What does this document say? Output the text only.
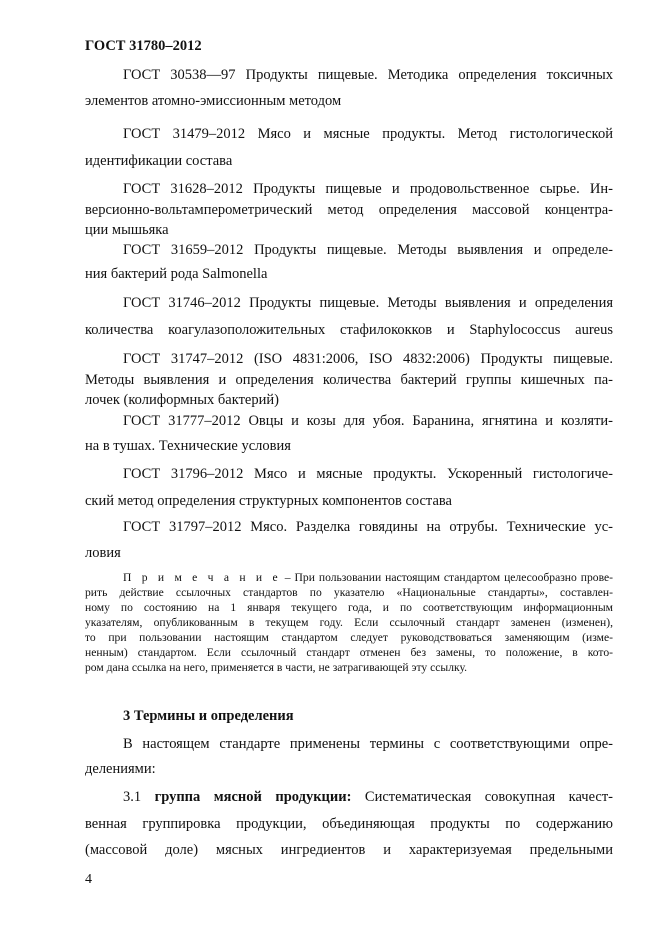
ГОСТ 31780–2012
ГОСТ 30538—97 Продукты пищевые. Методика определения токсичных
элементов атомно-эмиссионным методом
ГОСТ 31479–2012 Мясо и мясные продукты. Метод гистологической
идентификации состава
ГОСТ 31628–2012 Продукты пищевые и продовольственное сырье. Ин-
версионно-вольтамперометрический метод определения массовой концентра-
ции мышьяка
ГОСТ 31659–2012 Продукты пищевые. Методы выявления и определе-
ния бактерий рода Salmonella
ГОСТ 31746–2012 Продукты пищевые. Методы выявления и определения
количества коагулазоположительных стафилококков и Staphylococcus aureus
ГОСТ 31747–2012 (ISO 4831:2006, ISO 4832:2006) Продукты пищевые.
Методы выявления и определения количества бактерий группы кишечных па-
лочек (колиформных бактерий)
ГОСТ 31777–2012 Овцы и козы для убоя. Баранина, ягнятина и козляти-
на в тушах. Технические условия
ГОСТ 31796–2012 Мясо и мясные продукты. Ускоренный гистологиче-
ский метод определения структурных компонентов состава
ГОСТ 31797–2012 Мясо. Разделка говядины на отрубы. Технические ус-
ловия
П р и м е ч а н и е – При пользовании настоящим стандартом целесообразно прове-
рить действие ссылочных стандартов по указателю «Национальные стандарты», составлен-
ному по состоянию на 1 января текущего года, и по соответствующим информационным
указателям, опубликованным в текущем году. Если ссылочный стандарт заменен (изменен),
то при пользовании настоящим стандартом следует руководствоваться заменяющим (изме-
ненным) стандартом. Если ссылочный стандарт отменен без замены, то положение, в кото-
ром дана ссылка на него, применяется в части, не затрагивающей эту ссылку.
3 Термины и определения
В настоящем стандарте применены термины с соответствующими опре-
делениями:
3.1 группа мясной продукции: Систематическая совокупная качест-
венная группировка продукции, объединяющая продукты по содержанию
(массовой доле) мясных ингредиентов и характеризуемая предельными
4
